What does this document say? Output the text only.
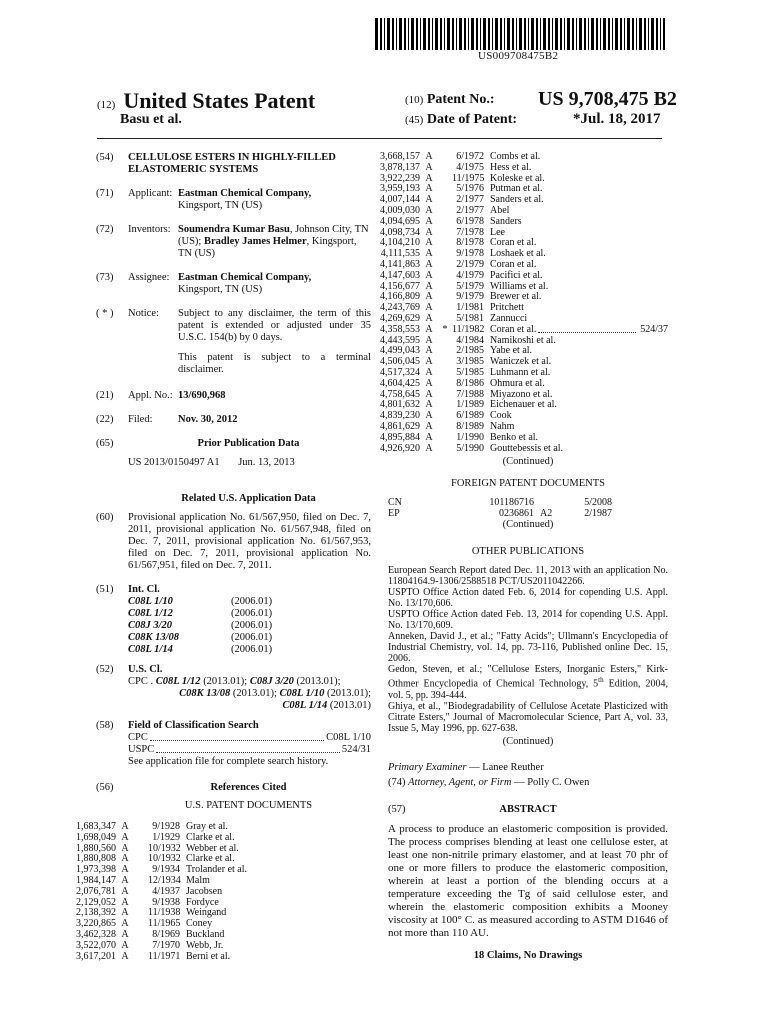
US009708475B2
(12) United States Patent
Basu et al.
(10) Patent No.: US 9,708,475 B2
(45) Date of Patent:	*Jul. 18, 2017
(54) CELLULOSE ESTERS IN HIGHLY-FILLED ELASTOMERIC SYSTEMS
(71) Applicant: Eastman Chemical Company,
Kingsport, TN (US)
(72) Inventors: Soumendra Kumar Basu, Johnson City, TN (US); Bradley James Helmer, Kingsport, TN (US)
(73) Assignee: Eastman Chemical Company,
Kingsport, TN (US)
( * ) Notice: Subject to any disclaimer, the term of this patent is extended or adjusted under 35 U.S.C. 154(b) by 0 days.
This patent is subject to a terminal disclaimer.
(21) Appl. No.: 13/690,968
(22) Filed: Nov. 30, 2012
(65)	Prior Publication Data
US 2013/0150497 A1 Jun. 13, 2013
Related U.S. Application Data
(60) Provisional application No. 61/567,950, filed on Dec. 7, 2011, provisional application No. 61/567,948, filed on Dec. 7, 2011, provisional application No. 61/567,953, filed on Dec. 7, 2011, provisional application No. 61/567,951, filed on Dec. 7, 2011.
(51) Int. Cl.
C08L 1/10	(2006.01)
C08L 1/12	(2006.01)
C08J 3/20	(2006.01)
C08K 13/08	(2006.01)
C08L 1/14	(2006.01)
(52) U.S. Cl.
CPC . C08L 1/12 (2013.01); C08J 3/20 (2013.01);
C08K 13/08 (2013.01); C08L 1/10 (2013.01);
C08L 1/14 (2013.01)
(58) Field of Classification Search
CPC	C08L 1/10
USPC	524/31
See application file for complete search history.
(56)	References Cited
U.S. PATENT DOCUMENTS
1,683,347 A	9/1928 Gray et al.
1,698,049 A	1/1929 Clarke et al.
1,880,560 A	10/1932 Webber et al.
1,880,808 A	10/1932 Clarke et al.
1,973,398 A	9/1934 Trolander et al.
1,984,147 A	12/1934 Malm
2,076,781 A	4/1937 Jacobsen
2,129,052 A	9/1938 Fordyce
2,138,392 A	11/1938 Weingand
3,220,865 A	11/1965 Coney
3,462,328 A	8/1969 Buckland
3,522,070 A	7/1970 Webb, Jr.
3,617,201 A	11/1971 Berni et al.
3,668,157 A	6/1972 Combs et al.
3,878,137 A	4/1975 Hess et al.
3,922,239 A	11/1975 Koleske et al.
3,959,193 A	5/1976 Putman et al.
4,007,144 A	2/1977 Sanders et al.
4,009,030 A	2/1977 Abel
4,094,695 A	6/1978 Sanders
4,098,734 A	7/1978 Lee
4,104,210 A	8/1978 Coran et al.
4,111,535 A	9/1978 Loshaek et al.
4,141,863 A	2/1979 Coran et al.
4,147,603 A	4/1979 Pacifici et al.
4,156,677 A	5/1979 Williams et al.
4,166,809 A	9/1979 Brewer et al.
4,243,769 A	1/1981 Pritchett
4,269,629 A	5/1981 Zannucci
4,358,553 A * 11/1982 Coran et al.	524/37
4,443,595 A	4/1984 Namikoshi et al.
4,499,043 A	2/1985 Yabe et al.
4,506,045 A	3/1985 Waniczek et al.
4,517,324 A	5/1985 Luhmann et al.
4,604,425 A	8/1986 Ohmura et al.
4,758,645 A	7/1988 Miyazono et al.
4,801,632 A	1/1989 Eichenauer et al.
4,839,230 A	6/1989 Cook
4,861,629 A	8/1989 Nahm
4,895,884 A	1/1990 Benko et al.
4,926,920 A	5/1990 Gouttebessis et al.
(Continued)
FOREIGN PATENT DOCUMENTS
CN	101186716	5/2008
EP	0236861 A2	2/1987
(Continued)
OTHER PUBLICATIONS
European Search Report dated Dec. 11, 2013 with an application No. 11804164.9-1306/2588518 PCT/US2011042266.
USPTO Office Action dated Feb. 6, 2014 for copending U.S. Appl. No. 13/170,606.
USPTO Office Action dated Feb. 13, 2014 for copending U.S. Appl. No. 13/170,609.
Anneken, David J., et al.; "Fatty Acids"; Ullmann's Encyclopedia of Industrial Chemistry, vol. 14, pp. 73-116, Published online Dec. 15, 2006.
Gedon, Steven, et al.; "Cellulose Esters, Inorganic Esters," Kirk-Othmer Encyclopedia of Chemical Technology, 5th Edition, 2004, vol. 5, pp. 394-444.
Ghiya, et al., "Biodegradability of Cellulose Acetate Plasticized with Citrate Esters," Journal of Macromolecular Science, Part A, vol. 33, Issue 5, May 1996, pp. 627-638.
(Continued)
Primary Examiner — Lanee Reuther
(74) Attorney, Agent, or Firm — Polly C. Owen
(57)	ABSTRACT
A process to produce an elastomeric composition is provided. The process comprises blending at least one cellulose ester, at least one non-nitrile primary elastomer, and at least 70 phr of one or more fillers to produce the elastomeric composition, wherein at least a portion of the blending occurs at a temperature exceeding the Tg of said cellulose ester, and wherein the elastomeric composition exhibits a Mooney viscosity at 100° C. as measured according to ASTM D1646 of not more than 110 AU.
18 Claims, No Drawings
